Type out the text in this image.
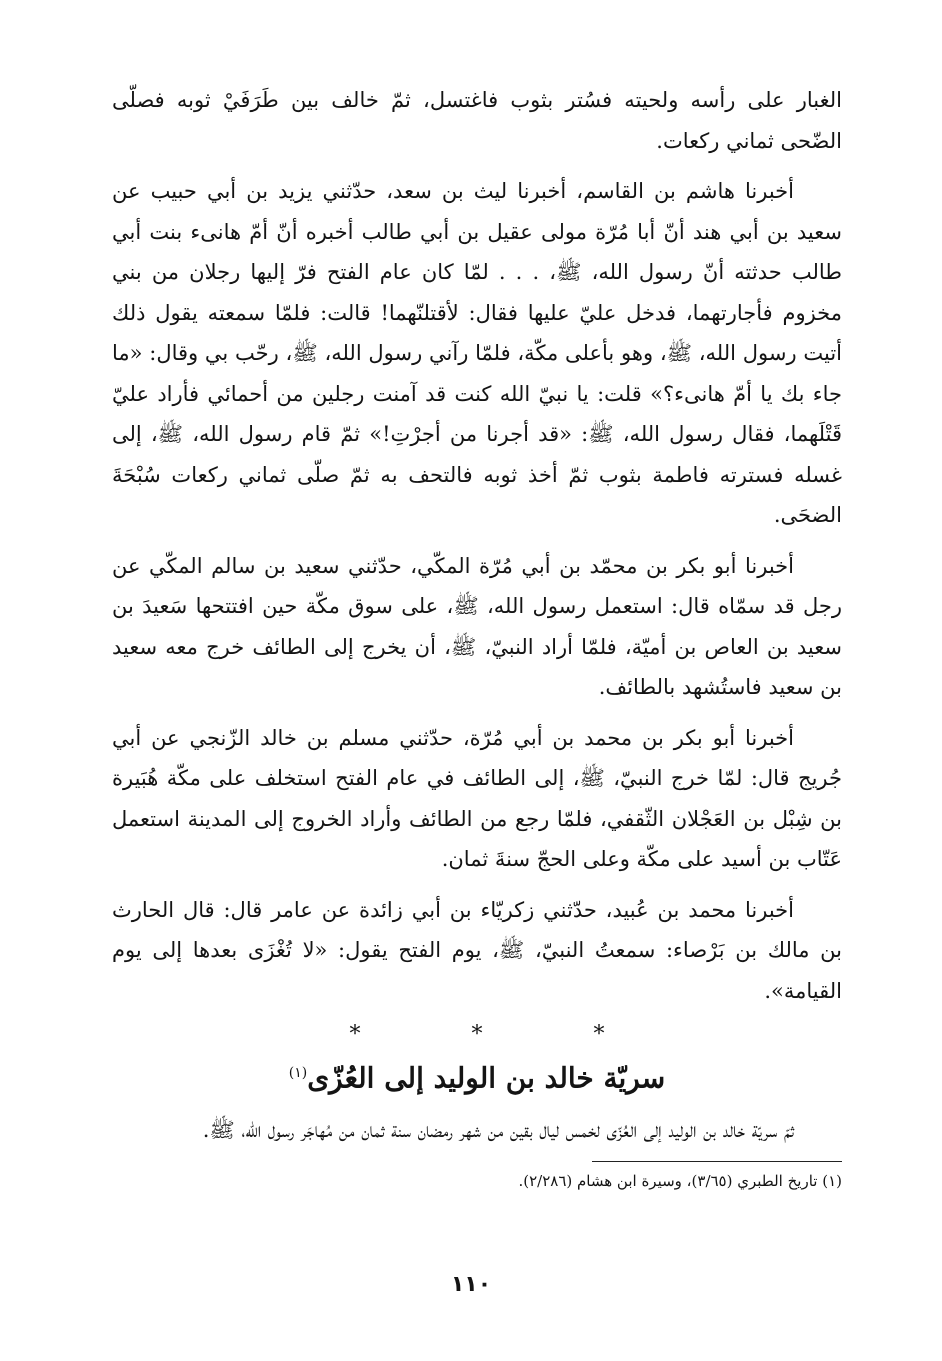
الغبار على رأسه ولحيته فسُتر بثوب فاغتسل، ثمّ خالف بين طَرَفَيْ ثوبه فصلّى الضّحى ثماني ركعات.

أخبرنا هاشم بن القاسم، أخبرنا ليث بن سعد، حدّثني يزيد بن أبي حبيب عن سعيد بن أبي هند أنّ أبا مُرّة مولى عقيل بن أبي طالب أخبره أنّ أمّ هانىء بنت أبي طالب حدثته أنّ رسول الله، ﷺ، . . . لمّا كان عام الفتح فرّ إليها رجلان من بني مخزوم فأجارتهما، فدخل عليّ عليها فقال: لأقتلنّهما! قالت: فلمّا سمعته يقول ذلك أتيت رسول الله، ﷺ، وهو بأعلى مكّة، فلمّا رآني رسول الله، ﷺ، رحّب بي وقال: «ما جاء بك يا أمّ هانىء؟» قلت: يا نبيّ الله كنت قد آمنت رجلين من أحمائي فأراد عليّ قَتْلَهما، فقال رسول الله، ﷺ: «قد أجرنا من أجرْتِ!» ثمّ قام رسول الله، ﷺ، إلى غسله فسترته فاطمة بثوب ثمّ أخذ ثوبه فالتحف به ثمّ صلّى ثماني ركعات سُبْحَةَ الضحَى.

أخبرنا أبو بكر بن محمّد بن أبي مُرّة المكّي، حدّثني سعيد بن سالم المكّي عن رجل قد سمّاه قال: استعمل رسول الله، ﷺ، على سوق مكّة حين افتتحها سَعيدَ بن سعيد بن العاص بن أميّة، فلمّا أراد النبيّ، ﷺ، أن يخرج إلى الطائف خرج معه سعيد بن سعيد فاستُشهد بالطائف.

أخبرنا أبو بكر بن محمد بن أبي مُرّة، حدّثني مسلم بن خالد الزّنجي عن أبي جُريج قال: لمّا خرج النبيّ، ﷺ، إلى الطائف في عام الفتح استخلف على مكّة هُبَيرة بن شِبْل بن العَجْلان الثّقفي، فلمّا رجع من الطائف وأراد الخروج إلى المدينة استعمل عَتّاب بن أسيد على مكّة وعلى الحجّ سنةَ ثمان.

أخبرنا محمد بن عُبيد، حدّثني زكريّاء بن أبي زائدة عن عامر قال: قال الحارث بن مالك بن بَرْصاء: سمعتُ النبيّ، ﷺ، يوم الفتح يقول: «لا تُغْزَى بعدها إلى يوم القيامة».

* * *
سريّة خالد بن الوليد إلى العُزّى$^{(١)}$

ثمّ سريّة خالد بن الوليد إلى العُزّى لخمس ليال بقين من شهر رمضان سنة ثمان من مُهاجَر رسول الله، ﷺ.

(١) تاريخ الطبري (٣/٦٥)، وسيرة ابن هشام (٢/٢٨٦).

١١٠
